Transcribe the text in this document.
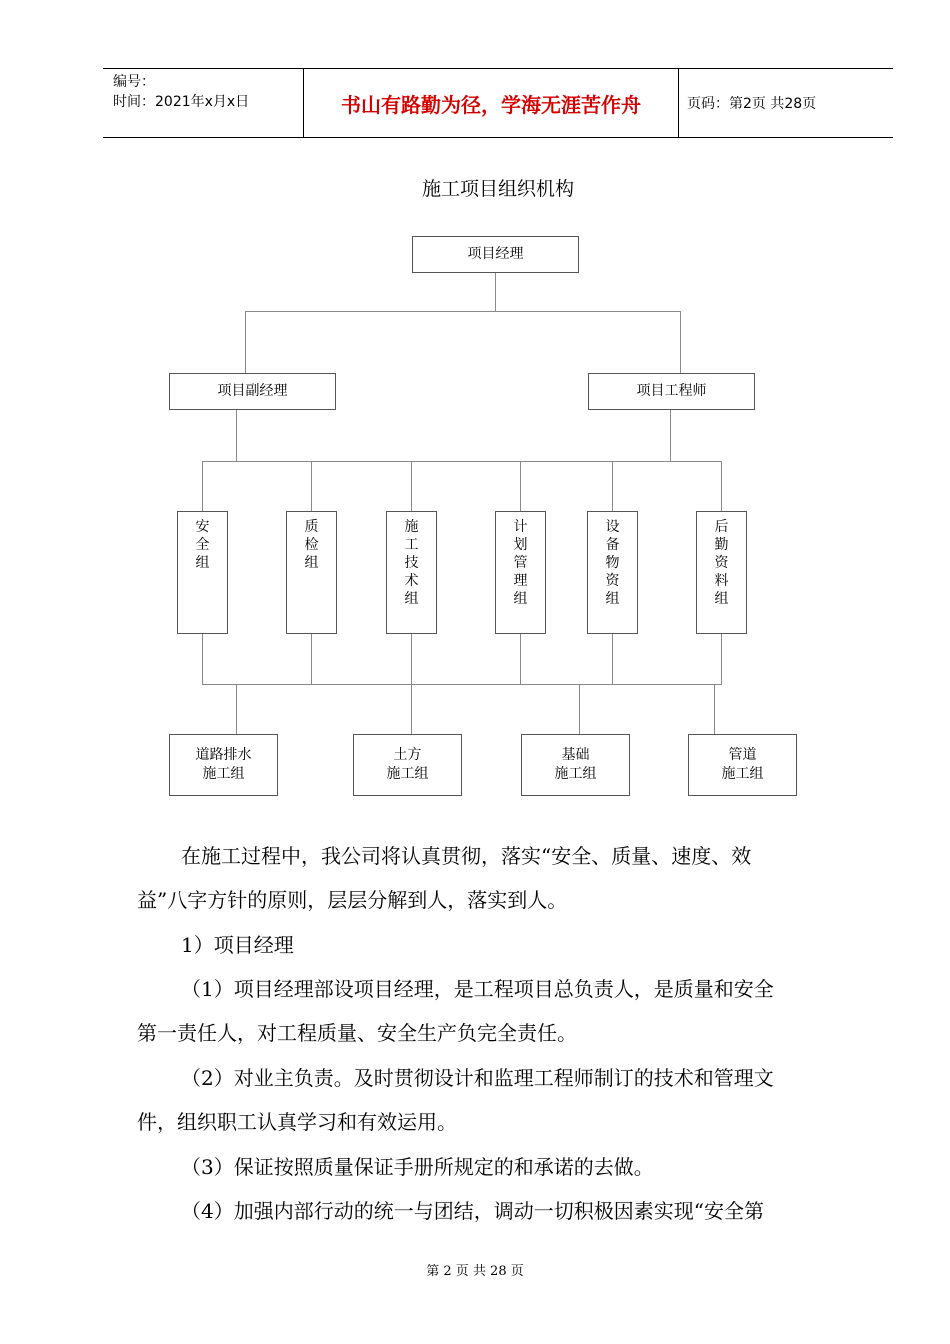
编号：
时间：2021年x月x日	书山有路勤为径，学海无涯苦作舟	页码：第2页 共28页
施工项目组织机构
项目经理
项目副经理	项目工程师
安
全
组
质
检
组
施
工
技
术
组
计
划
管
理
组
设
备
物
资
组
后
勤
资
料
组
道路排水
施工组
土方
施工组
基础
施工组
管道
施工组
在施工过程中，我公司将认真贯彻，落实“安全、质量、速度、效
益”八字方针的原则，层层分解到人，落实到人。
1）项目经理
（1）项目经理部设项目经理，是工程项目总负责人，是质量和安全
第一责任人，对工程质量、安全生产负完全责任。
（2）对业主负责。及时贯彻设计和监理工程师制订的技术和管理文
件，组织职工认真学习和有效运用。
（3）保证按照质量保证手册所规定的和承诺的去做。
（4）加强内部行动的统一与团结，调动一切积极因素实现“安全第
第 2 页 共 28 页
